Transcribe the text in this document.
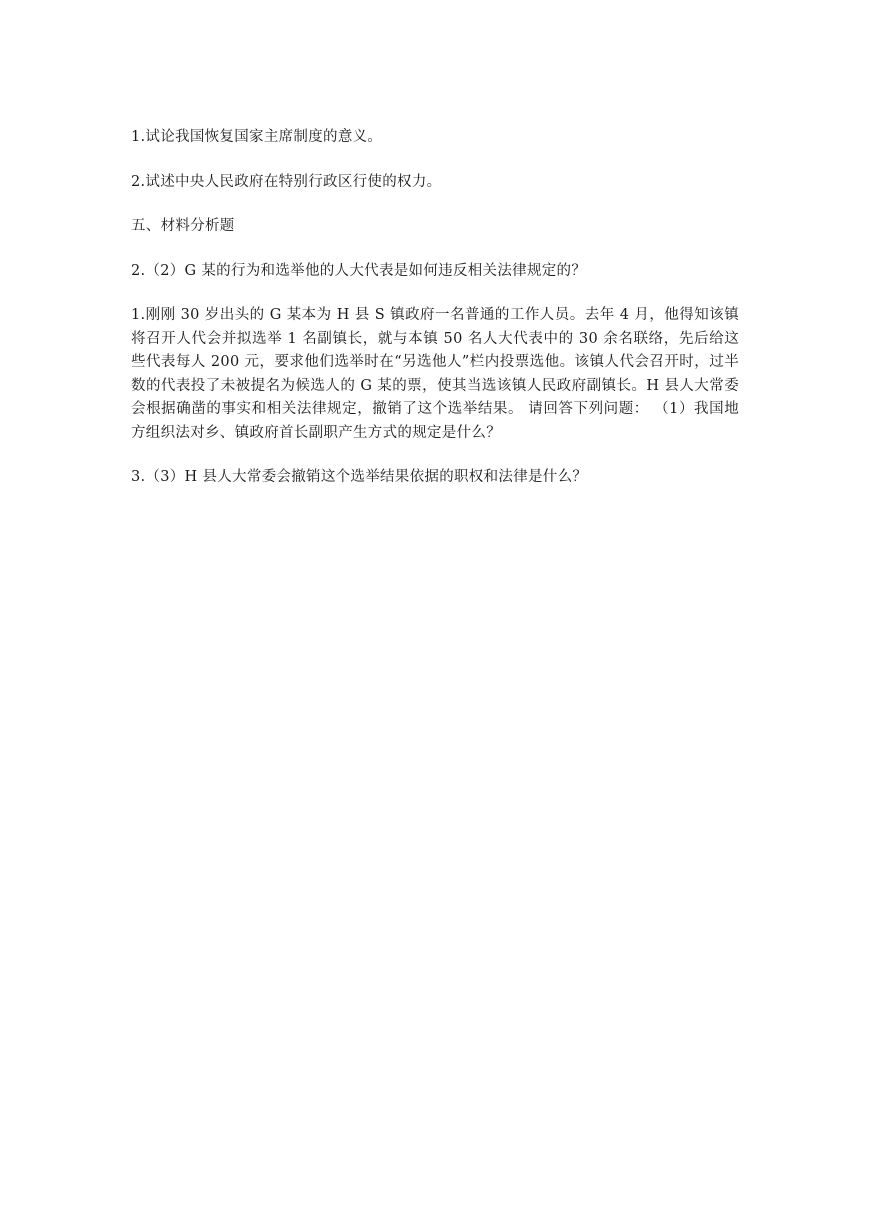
1.试论我国恢复国家主席制度的意义。

2.试述中央人民政府在特别行政区行使的权力。

五、材料分析题

2.（2）G 某的行为和选举他的人大代表是如何违反相关法律规定的？

1.刚刚 30 岁出头的 G 某本为 H 县 S 镇政府一名普通的工作人员。去年 4 月，他得知该镇将召开人代会并拟选举 1 名副镇长，就与本镇 50 名人大代表中的 30 余名联络，先后给这些代表每人 200 元，要求他们选举时在“另选他人”栏内投票选他。该镇人代会召开时，过半数的代表投了未被提名为候选人的 G 某的票，使其当选该镇人民政府副镇长。H 县人大常委会根据确凿的事实和相关法律规定，撤销了这个选举结果。 请回答下列问题： （1）我国地方组织法对乡、镇政府首长副职产生方式的规定是什么？

3.（3）H 县人大常委会撤销这个选举结果依据的职权和法律是什么？
